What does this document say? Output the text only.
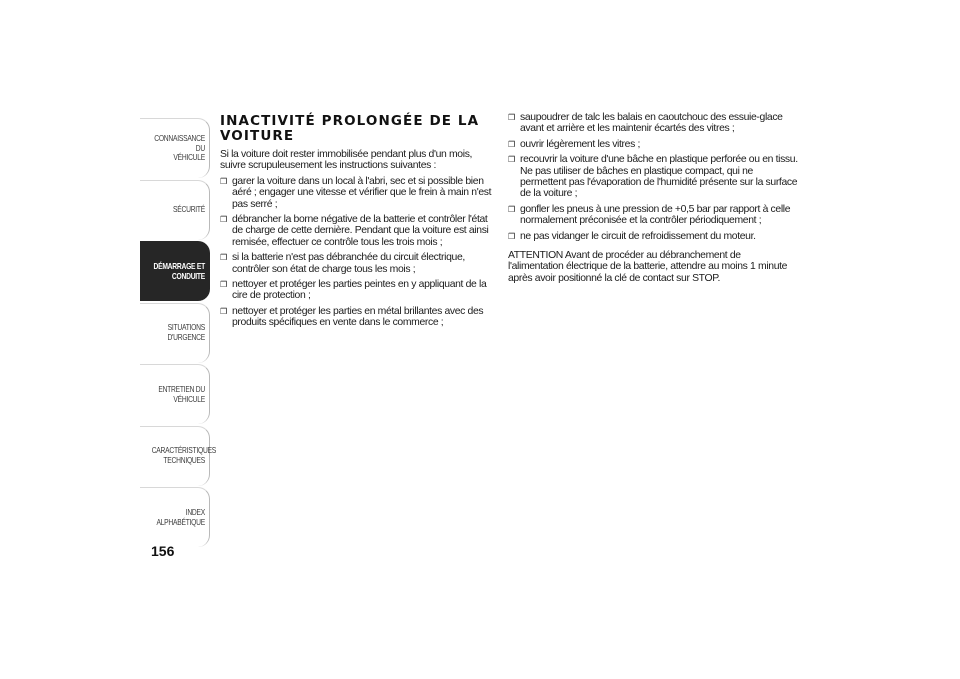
CONNAISSANCE DU
VÉHICULE
SÉCURITÉ
DÉMARRAGE ET
CONDUITE
SITUATIONS
D'URGENCE
ENTRETIEN DU
VÉHICULE
CARACTÉRISTIQUES
TECHNIQUES
INDEX
ALPHABÉTIQUE
156
INACTIVITÉ PROLONGÉE DE LA VOITURE

Si la voiture doit rester immobilisée pendant plus d'un mois, suivre scrupuleusement les instructions suivantes :

❒ garer la voiture dans un local à l'abri, sec et si possible bien aéré ; engager une vitesse et vérifier que le frein à main n'est pas serré ;
❒ débrancher la borne négative de la batterie et contrôler l'état de charge de cette dernière. Pendant que la voiture est ainsi remisée, effectuer ce contrôle tous les trois mois ;
❒ si la batterie n'est pas débranchée du circuit électrique, contrôler son état de charge tous les mois ;
❒ nettoyer et protéger les parties peintes en y appliquant de la cire de protection ;
❒ nettoyer et protéger les parties en métal brillantes avec des produits spécifiques en vente dans le commerce ;
❒ saupoudrer de talc les balais en caoutchouc des essuie-glace avant et arrière et les maintenir écartés des vitres ;
❒ ouvrir légèrement les vitres ;
❒ recouvrir la voiture d'une bâche en plastique perforée ou en tissu. Ne pas utiliser de bâches en plastique compact, qui ne permettent pas l'évaporation de l'humidité présente sur la surface de la voiture ;
❒ gonfler les pneus à une pression de +0,5 bar par rapport à celle normalement préconisée et la contrôler périodiquement ;
❒ ne pas vidanger le circuit de refroidissement du moteur.

ATTENTION Avant de procéder au débranchement de l'alimentation électrique de la batterie, attendre au moins 1 minute après avoir positionné la clé de contact sur STOP.
